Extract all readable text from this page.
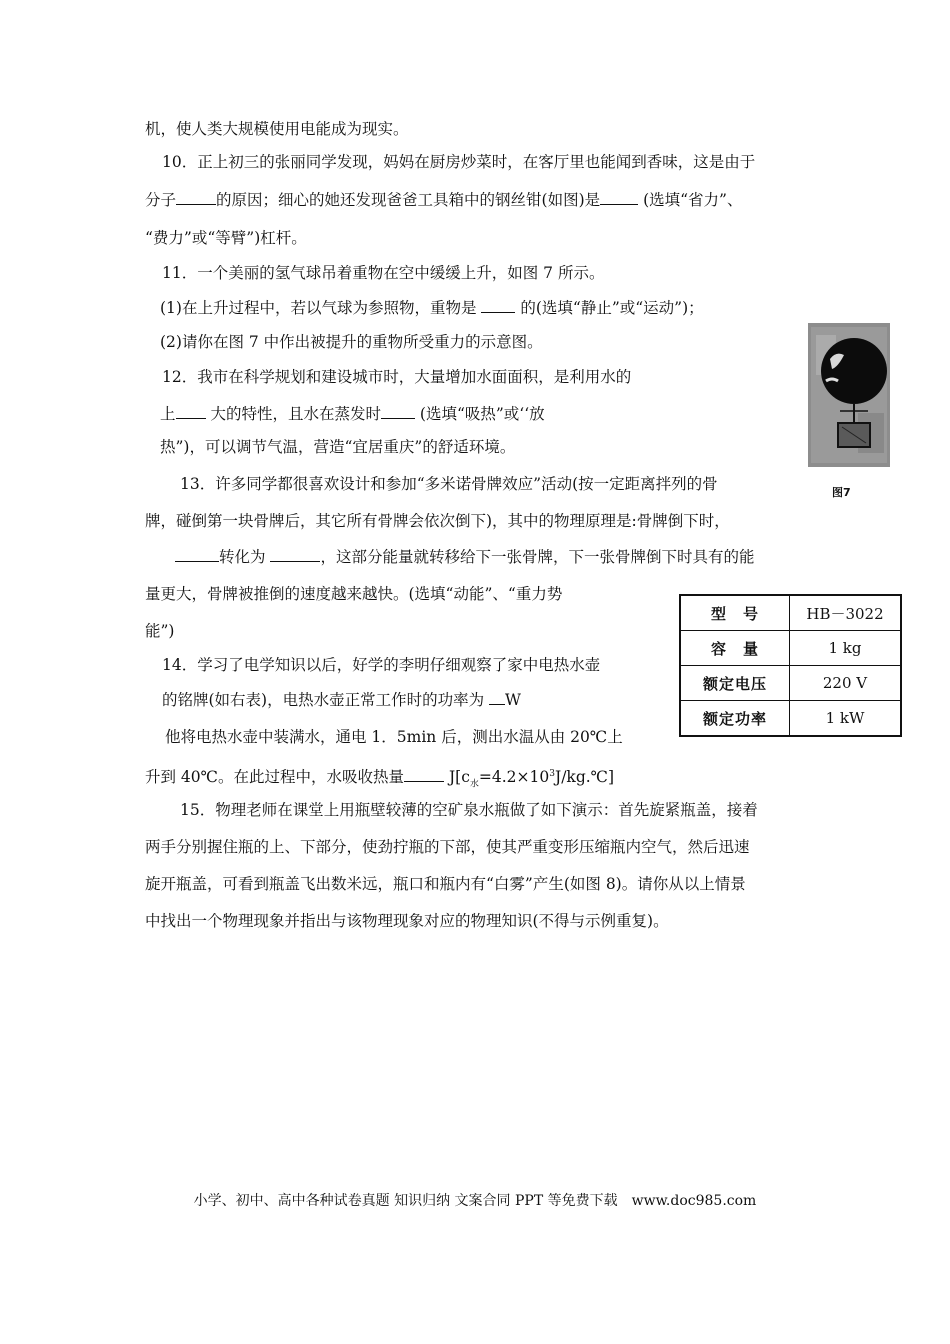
机，使人类大规模使用电能成为现实。
10．正上初三的张丽同学发现，妈妈在厨房炒菜时，在客厅里也能闻到香味，这是由于
分子	的原因；细心的她还发现爸爸工具箱中的钢丝钳(如图)是	(选填“省力”、
“费力”或“等臂”)杠杆。
11．一个美丽的氢气球吊着重物在空中缓缓上升，如图 7 所示。
(1)在上升过程中，若以气球为参照物，重物是	的(选填“静止”或“运动”)；
(2)请你在图 7 中作出被提升的重物所受重力的示意图。
12．我市在科学规划和建设城市时，大量增加水面面积，是利用水的
上 大的特性，且水在蒸发时	(选填“吸热”或‘‘放
热”)，可以调节气温，营造“宜居重庆”的舒适环境。
13．许多同学都很喜欢设计和参加“多米诺骨牌效应”活动(按一定距离拌列的骨
牌，碰倒第一块骨牌后，其它所有骨牌会依次倒下)，其中的物理原理是:骨牌倒下时，
转化为	，这部分能量就转移给下一张骨牌，下一张骨牌倒下时具有的能
量更大，骨牌被推倒的速度越来越快。(选填“动能”、“重力势
能”)
14．学习了电学知识以后，好学的李明仔细观察了家中电热水壶
的铭牌(如右表)，电热水壶正常工作时的功率为 W
他将电热水壶中装满水，通电 1．5min 后，测出水温从由 20℃上
升到 40℃。在此过程中，水吸收热量	$J[c_水=4.2\times 10^3J/kg.℃]$
15．物理老师在课堂上用瓶壁较薄的空矿泉水瓶做了如下演示：首先旋紧瓶盖，接着
两手分别握住瓶的上、下部分，使劲拧瓶的下部，使其严重变形压缩瓶内空气，然后迅速
旋开瓶盖，可看到瓶盖飞出数米远，瓶口和瓶内有“白雾”产生(如图 8)。请你从以上情景
中找出一个物理现象并指出与该物理现象对应的物理知识(不得与示例重复)。
图7
型　号	HB－3022
容　量	1 kg
额定电压	220 V
额定功率	1 kW
小学、初中、高中各种试卷真题 知识归纳 文案合同 PPT 等免费下载　www.doc985.com
